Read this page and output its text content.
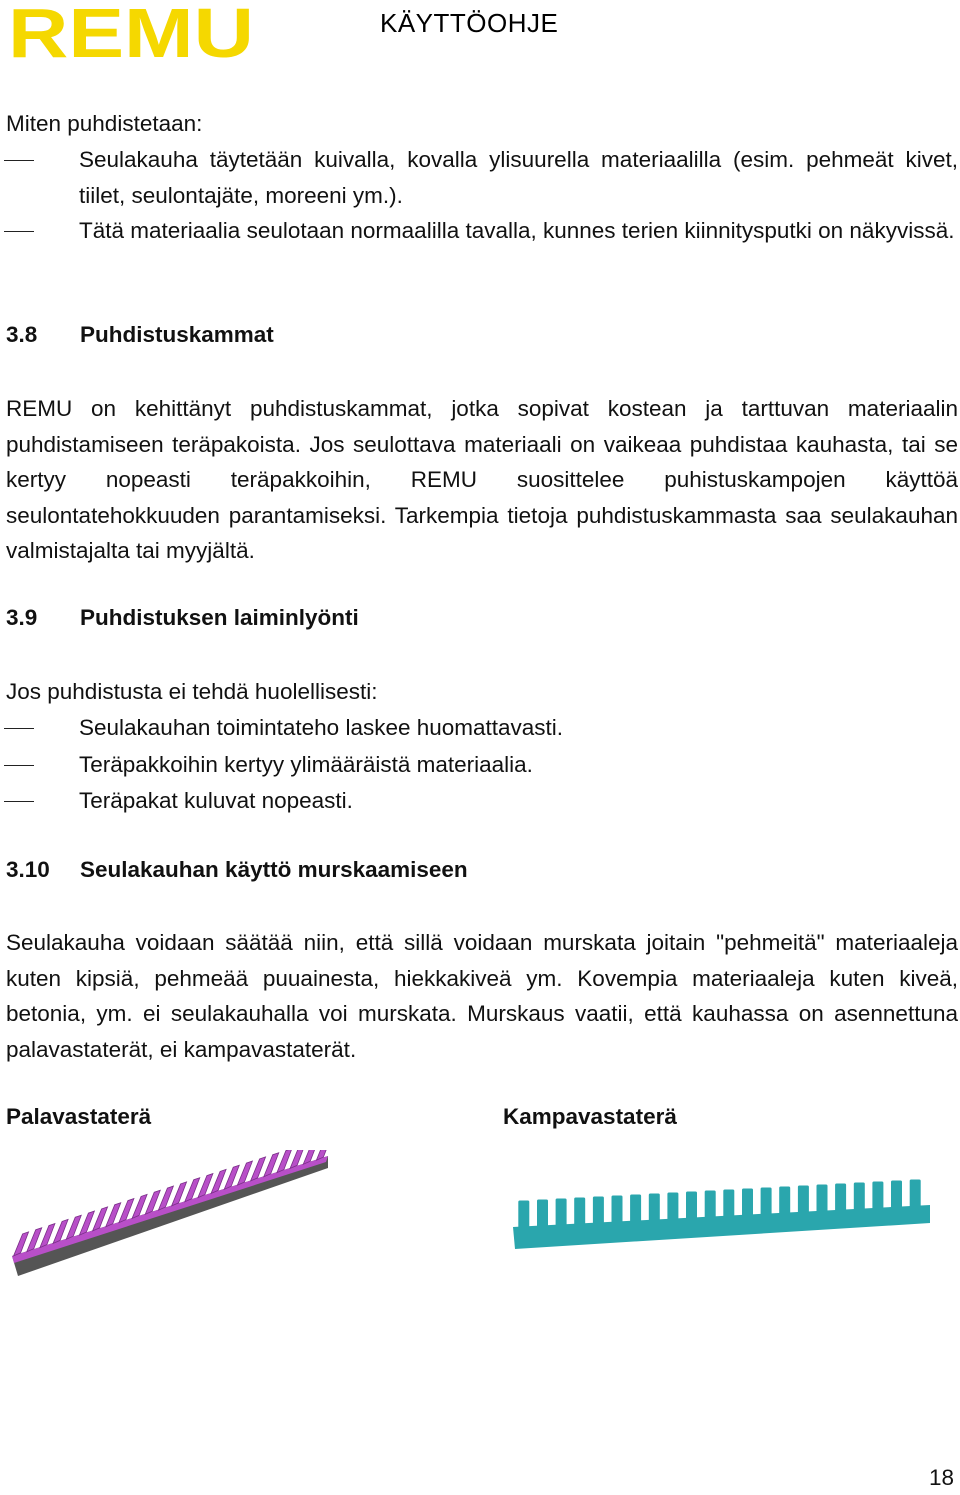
REMU	KÄYTTÖOHJE
Miten puhdistetaan:

Seulakauha täytetään kuivalla, kovalla ylisuurella materiaalilla (esim. pehmeät kivet, tiilet, seulontajäte, moreeni ym.).

Tätä materiaalia seulotaan normaalilla tavalla, kunnes terien kiinnitysputki on näkyvissä.

3.8 Puhdistuskammat

REMU on kehittänyt puhdistuskammat, jotka sopivat kostean ja tarttuvan materiaalin puhdistamiseen teräpakoista. Jos seulottava materiaali on vaikeaa puhdistaa kauhasta, tai se kertyy nopeasti teräpakkoihin, REMU suosittelee puhistuskampojen käyttöä seulontatehokkuuden parantamiseksi. Tarkempia tietoja puhdistuskammasta saa seulakauhan valmistajalta tai myyjältä.

3.9 Puhdistuksen laiminlyönti
Jos puhdistusta ei tehdä huolellisesti:
Seulakauhan toimintateho laskee huomattavasti.
Teräpakkoihin kertyy ylimääräistä materiaalia.
Teräpakat kuluvat nopeasti.
3.10 Seulakauhan käyttö murskaamiseen

Seulakauha voidaan säätää niin, että sillä voidaan murskata joitain "pehmeitä" materiaaleja kuten kipsiä, pehmeää puuainesta, hiekkakiveä ym. Kovempia materiaaleja kuten kiveä, betonia, ym. ei seulakauhalla voi murskata. Murskaus vaatii, että kauhassa on asennettuna palavastaterät, ei kampavastaterät.

Palavastaterä	Kampavastaterä
18
